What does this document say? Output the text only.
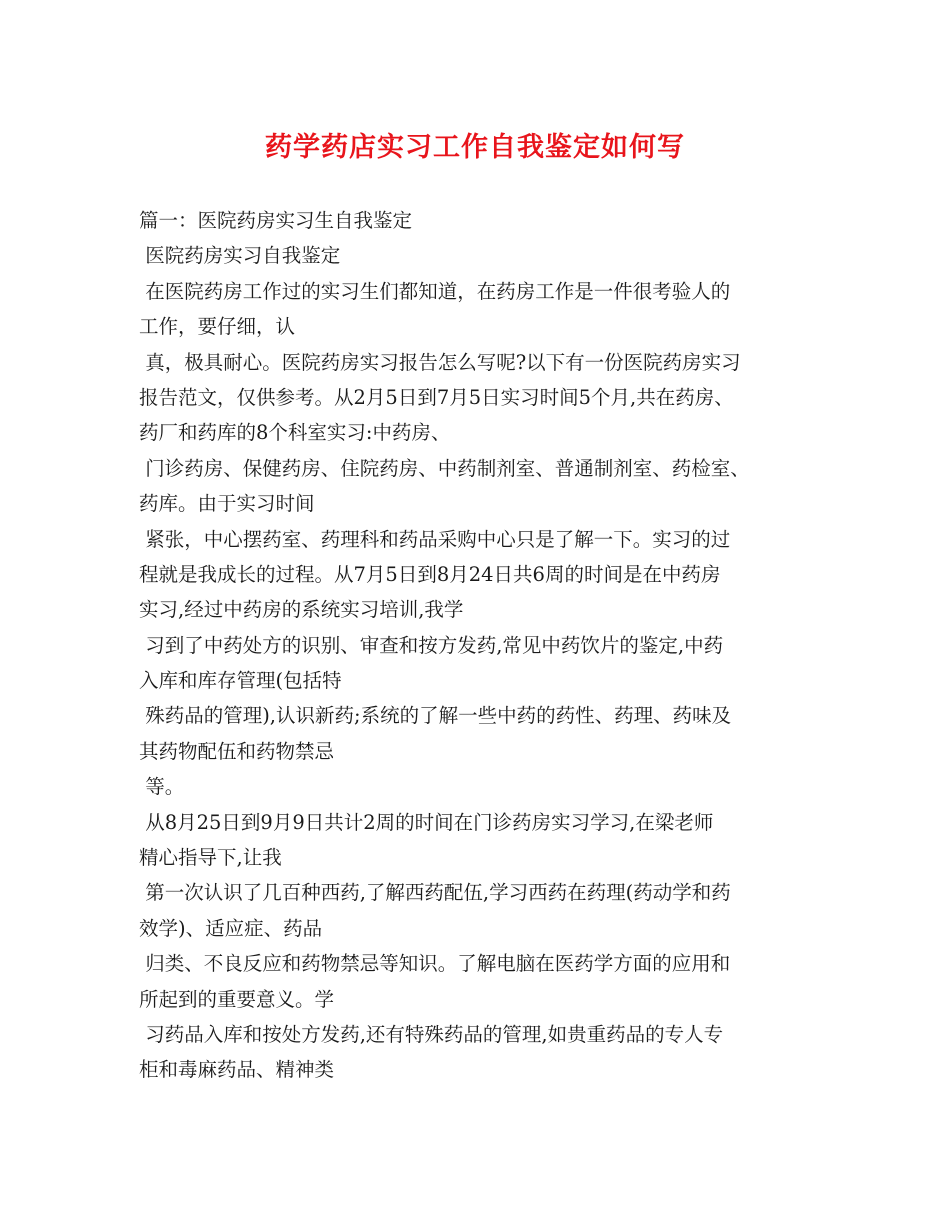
药学药店实习工作自我鉴定如何写
篇一：医院药房实习生自我鉴定
医院药房实习自我鉴定
在医院药房工作过的实习生们都知道，在药房工作是一件很考验人的
工作，要仔细，认
真，极具耐心。医院药房实习报告怎么写呢?以下有一份医院药房实习
报告范文，仅供参考。从2月5日到7月5日实习时间5个月,共在药房、
药厂和药库的8个科室实习:中药房、
门诊药房、保健药房、住院药房、中药制剂室、普通制剂室、药检室、
药库。由于实习时间
紧张，中心摆药室、药理科和药品采购中心只是了解一下。实习的过
程就是我成长的过程。从7月5日到8月24日共6周的时间是在中药房
实习,经过中药房的系统实习培训,我学
习到了中药处方的识别、审查和按方发药,常见中药饮片的鉴定,中药
入库和库存管理(包括特
殊药品的管理),认识新药;系统的了解一些中药的药性、药理、药味及
其药物配伍和药物禁忌
等。
从8月25日到9月9日共计2周的时间在门诊药房实习学习,在梁老师
精心指导下,让我
第一次认识了几百种西药,了解西药配伍,学习西药在药理(药动学和药
效学)、适应症、药品
归类、不良反应和药物禁忌等知识。了解电脑在医药学方面的应用和
所起到的重要意义。学
习药品入库和按处方发药,还有特殊药品的管理,如贵重药品的专人专
柜和毒麻药品、精神类
